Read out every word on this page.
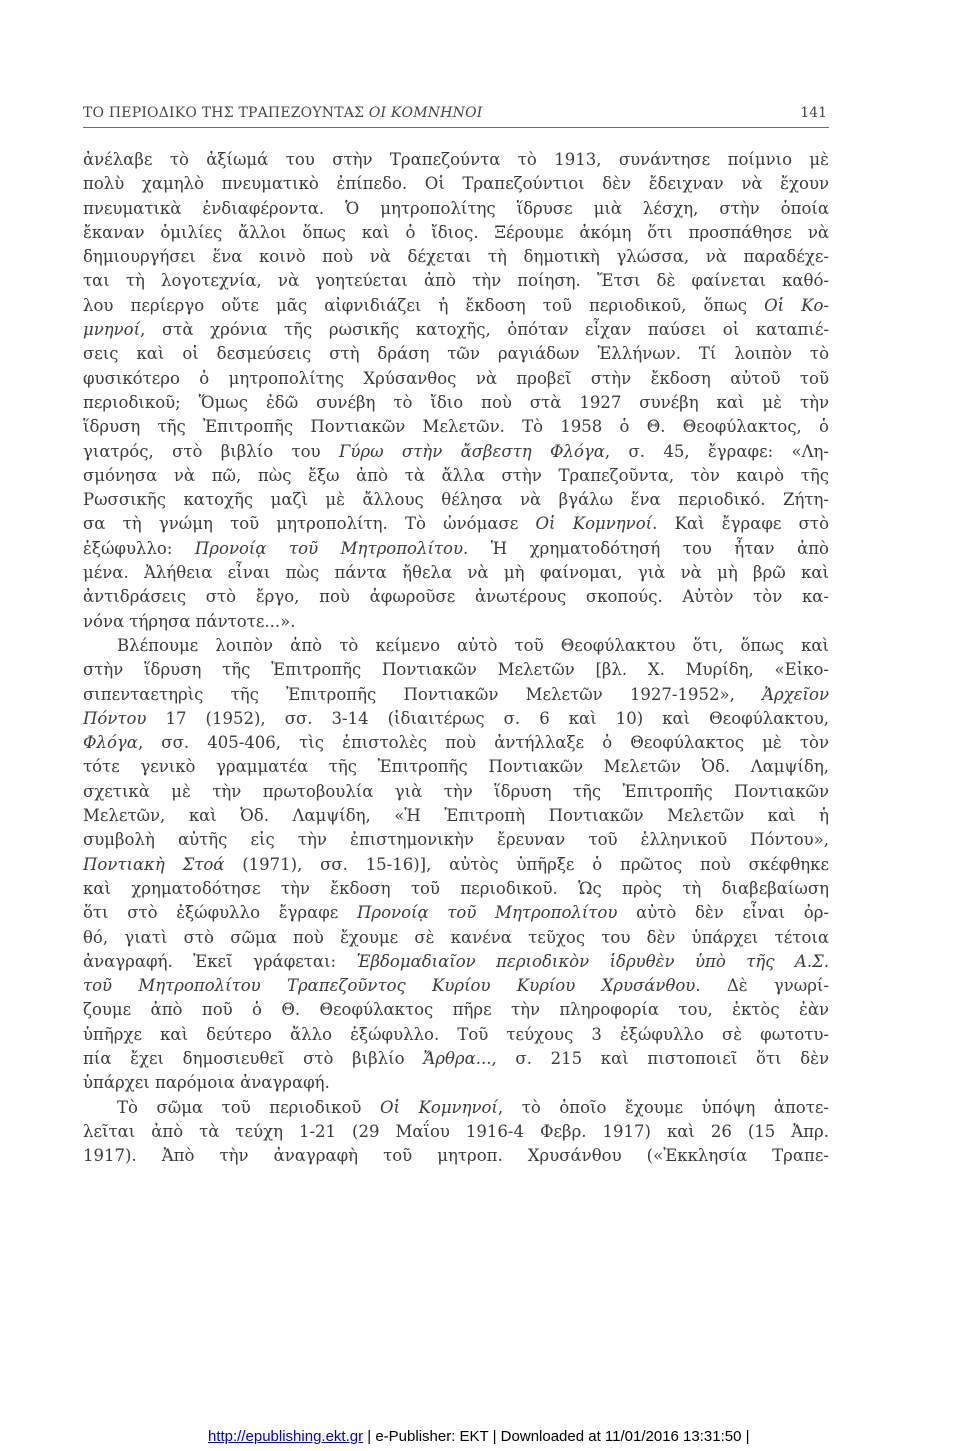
ΤΟ ΠΕΡΙΟΔΙΚΟ ΤΗΣ ΤΡΑΠΕΖΟΥΝΤΑΣ ΟΙ ΚΟΜΝΗΝΟΙ	141
ἀνέλαβε τὸ ἀξίωμά του στὴν Τραπεζούντα τὸ 1913, συνάντησε ποίμνιο μὲ
πολὺ χαμηλὸ πνευματικὸ ἐπίπεδο. Οἱ Τραπεζούντιοι δὲν ἔδειχναν νὰ ἔχουν
πνευματικὰ ἐνδιαφέροντα. Ὁ μητροπολίτης ἵδρυσε μιὰ λέσχη, στὴν ὁποία
ἔκαναν ὁμιλίες ἄλλοι ὅπως καὶ ὁ ἴδιος. Ξέρουμε ἀκόμη ὅτι προσπάθησε νὰ
δημιουργήσει ἕνα κοινὸ ποὺ νὰ δέχεται τὴ δημοτικὴ γλώσσα, νὰ παραδέχε-
ται τὴ λογοτεχνία, νὰ γοητεύεται ἀπὸ τὴν ποίηση. Ἔτσι δὲ φαίνεται καθό-
λου περίεργο οὔτε μᾶς αἰφνιδιάζει ἡ ἔκδοση τοῦ περιοδικοῦ, ὅπως Οἱ Κο-
μνηνοί, στὰ χρόνια τῆς ρωσικῆς κατοχῆς, ὁπόταν εἶχαν παύσει οἱ καταπιέ-
σεις καὶ οἱ δεσμεύσεις στὴ δράση τῶν ραγιάδων Ἑλλήνων. Τί λοιπὸν τὸ
φυσικότερο ὁ μητροπολίτης Χρύσανθος νὰ προβεῖ στὴν ἔκδοση αὐτοῦ τοῦ
περιοδικοῦ; Ὅμως ἐδῶ συνέβη τὸ ἴδιο ποὺ στὰ 1927 συνέβη καὶ μὲ τὴν
ἵδρυση τῆς Ἐπιτροπῆς Ποντιακῶν Μελετῶν. Τὸ 1958 ὁ Θ. Θεοφύλακτος, ὁ
γιατρός, στὸ βιβλίο του Γύρω στὴν ἄσβεστη Φλόγα, σ. 45, ἔγραφε: «Λη-
σμόνησα νὰ πῶ, πὼς ἔξω ἀπὸ τὰ ἄλλα στὴν Τραπεζοῦντα, τὸν καιρὸ τῆς
Ρωσσικῆς κατοχῆς μαζὶ μὲ ἄλλους θέλησα νὰ βγάλω ἕνα περιοδικό. Ζήτη-
σα τὴ γνώμη τοῦ μητροπολίτη. Τὸ ὠνόμασε Οἱ Κομνηνοί. Καὶ ἔγραφε στὸ
ἐξώφυλλο: Προνοίᾳ τοῦ Μητροπολίτου. Ἡ χρηματοδότησή του ἦταν ἀπὸ
μένα. Ἀλήθεια εἶναι πὼς πάντα ἤθελα νὰ μὴ φαίνομαι, γιὰ νὰ μὴ βρῶ καὶ
ἀντιδράσεις στὸ ἔργο, ποὺ ἀφωροῦσε ἀνωτέρους σκοπούς. Αὐτὸν τὸν κα-
νόνα τήρησα πάντοτε...».
Βλέπουμε λοιπὸν ἀπὸ τὸ κείμενο αὐτὸ τοῦ Θεοφύλακτου ὅτι, ὅπως καὶ
στὴν ἵδρυση τῆς Ἐπιτροπῆς Ποντιακῶν Μελετῶν [βλ. Χ. Μυρίδη, «Εἰκο-
σιπενταετηρὶς τῆς Ἐπιτροπῆς Ποντιακῶν Μελετῶν 1927-1952», Ἀρχεῖον
Πόντου 17 (1952), σσ. 3-14 (ἰδιαιτέρως σ. 6 καὶ 10) καὶ Θεοφύλακτου,
Φλόγα, σσ. 405-406, τὶς ἐπιστολὲς ποὺ ἀντήλλαξε ὁ Θεοφύλακτος μὲ τὸν
τότε γενικὸ γραμματέα τῆς Ἐπιτροπῆς Ποντιακῶν Μελετῶν Ὀδ. Λαμψίδη,
σχετικὰ μὲ τὴν πρωτοβουλία γιὰ τὴν ἵδρυση τῆς Ἐπιτροπῆς Ποντιακῶν
Μελετῶν, καὶ Ὀδ. Λαμψίδη, «Ἡ Ἐπιτροπὴ Ποντιακῶν Μελετῶν καὶ ἡ
συμβολὴ αὐτῆς εἰς τὴν ἐπιστημονικὴν ἔρευναν τοῦ ἑλληνικοῦ Πόντου»,
Ποντιακὴ Στοά (1971), σσ. 15-16)], αὐτὸς ὑπῆρξε ὁ πρῶτος ποὺ σκέφθηκε
καὶ χρηματοδότησε τὴν ἔκδοση τοῦ περιοδικοῦ. Ὡς πρὸς τὴ διαβεβαίωση
ὅτι στὸ ἐξώφυλλο ἔγραφε Προνοίᾳ τοῦ Μητροπολίτου αὐτὸ δὲν εἶναι ὀρ-
θό, γιατὶ στὸ σῶμα ποὺ ἔχουμε σὲ κανένα τεῦχος του δὲν ὑπάρχει τέτοια
ἀναγραφή. Ἐκεῖ γράφεται: Ἑβδομαδιαῖον περιοδικὸν ἱδρυθὲν ὑπὸ τῆς Α.Σ.
τοῦ Μητροπολίτου Τραπεζοῦντος Κυρίου Κυρίου Χρυσάνθου. Δὲ γνωρί-
ζουμε ἀπὸ ποῦ ὁ Θ. Θεοφύλακτος πῆρε τὴν πληροφορία του, ἐκτὸς ἐὰν
ὑπῆρχε καὶ δεύτερο ἄλλο ἐξώφυλλο. Τοῦ τεύχους 3 ἐξώφυλλο σὲ φωτοτυ-
πία ἔχει δημοσιευθεῖ στὸ βιβλίο Ἄρθρα..., σ. 215 καὶ πιστοποιεῖ ὅτι δὲν
ὑπάρχει παρόμοια ἀναγραφή.
Τὸ σῶμα τοῦ περιοδικοῦ Οἱ Κομνηνοί, τὸ ὁποῖο ἔχουμε ὑπόψη ἀποτε-
λεῖται ἀπὸ τὰ τεύχη 1-21 (29 Μαΐου 1916-4 Φεβρ. 1917) καὶ 26 (15 Ἀπρ.
1917). Ἀπὸ τὴν ἀναγραφὴ τοῦ μητροπ. Χρυσάνθου («Ἐκκλησία Τραπε-
http://epublishing.ekt.gr | e-Publisher: EKT | Downloaded at 11/01/2016 13:31:50 |
